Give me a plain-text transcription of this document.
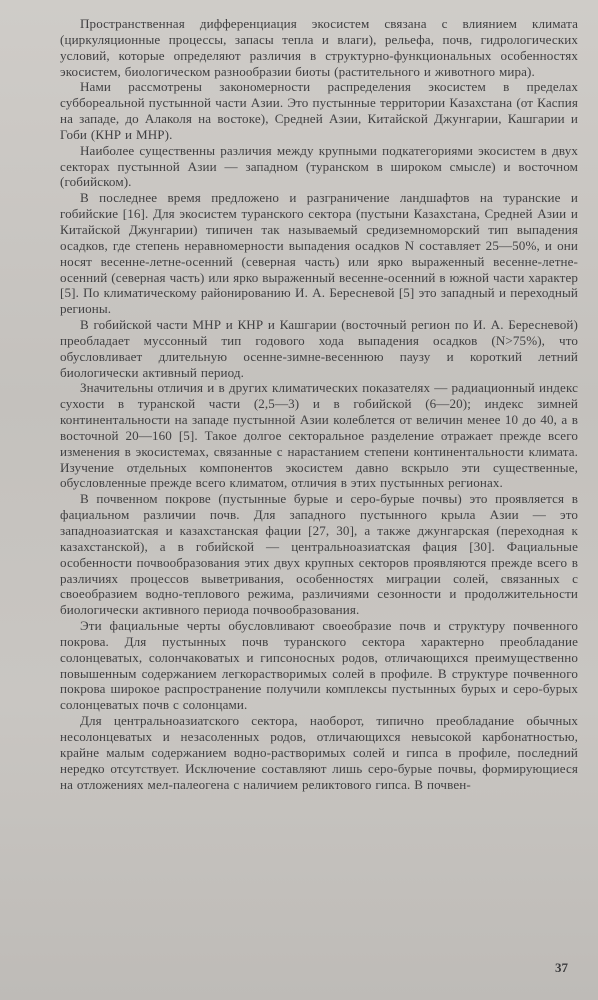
Пространственная дифференциация экосистем связана с влиянием климата (циркуляционные процессы, запасы тепла и влаги), рельефа, почв, гидрологических условий, которые определяют различия в структурно-функциональных особенностях экосистем, биологическом разнообразии биоты (растительного и животного мира).

Нами рассмотрены закономерности распределения экосистем в пределах суббореальной пустынной части Азии. Это пустынные территории Казахстана (от Каспия на западе, до Алаколя на востоке), Средней Азии, Китайской Джунгарии, Кашгарии и Гоби (КНР и МНР).

Наиболее существенны различия между крупными подкатегориями экосистем в двух секторах пустынной Азии — западном (туранском в широком смысле) и восточном (гобийском).

В последнее время предложено и разграничение ландшафтов на туранские и гобийские [16]. Для экосистем туранского сектора (пустыни Казахстана, Средней Азии и Китайской Джунгарии) типичен так называемый средиземноморский тип выпадения осадков, где степень неравномерности выпадения осадков N составляет 25—50%, и они носят весенне-летне-осенний (северная часть) или ярко выраженный весенне-летне-осенний (северная часть) или ярко выраженный весенне-осенний в южной части характер [5]. По климатическому районированию И. А. Бересневой [5] это западный и переходный регионы.

В гобийской части МНР и КНР и Кашгарии (восточный регион по И. А. Бересневой) преобладает муссонный тип годового хода выпадения осадков (N>75%), что обусловливает длительную осенне-зимне-весеннюю паузу и короткий летний биологически активный период.

Значительны отличия и в других климатических показателях — радиационный индекс сухости в туранской части (2,5—3) и в гобийской (6—20); индекс зимней континентальности на западе пустынной Азии колеблется от величин менее 10 до 40, а в восточной 20—160 [5]. Такое долгое секторальное разделение отражает прежде всего изменения в экосистемах, связанные с нарастанием степени континентальности климата. Изучение отдельных компонентов экосистем давно вскрыло эти существенные, обусловленные прежде всего климатом, отличия в этих пустынных регионах.

В почвенном покрове (пустынные бурые и серо-бурые почвы) это проявляется в фациальном различии почв. Для западного пустынного крыла Азии — это западноазиатская и казахстанская фации [27, 30], а также джунгарская (переходная к казахстанской), а в гобийской — центральноазиатская фация [30]. Фациальные особенности почвообразования этих двух крупных секторов проявляются прежде всего в различиях процессов выветривания, особенностях миграции солей, связанных с своеобразием водно-теплового режима, различиями сезонности и продолжительности биологически активного периода почвообразования.

Эти фациальные черты обусловливают своеобразие почв и структуру почвенного покрова. Для пустынных почв туранского сектора характерно преобладание солонцеватых, солончаковатых и гипсоносных родов, отличающихся преимущественно повышенным содержанием легкорастворимых солей в профиле. В структуре почвенного покрова широкое распространение получили комплексы пустынных бурых и серо-бурых солонцеватых почв с солонцами.

Для центральноазиатского сектора, наоборот, типично преобладание обычных несолонцеватых и незасоленных родов, отличающихся невысокой карбонатностью, крайне малым содержанием водно-растворимых солей и гипса в профиле, последний нередко отсутствует. Исключение составляют лишь серо-бурые почвы, формирующиеся на отложениях мел-палеогена с наличием реликтового гипса. В почвен-

37
